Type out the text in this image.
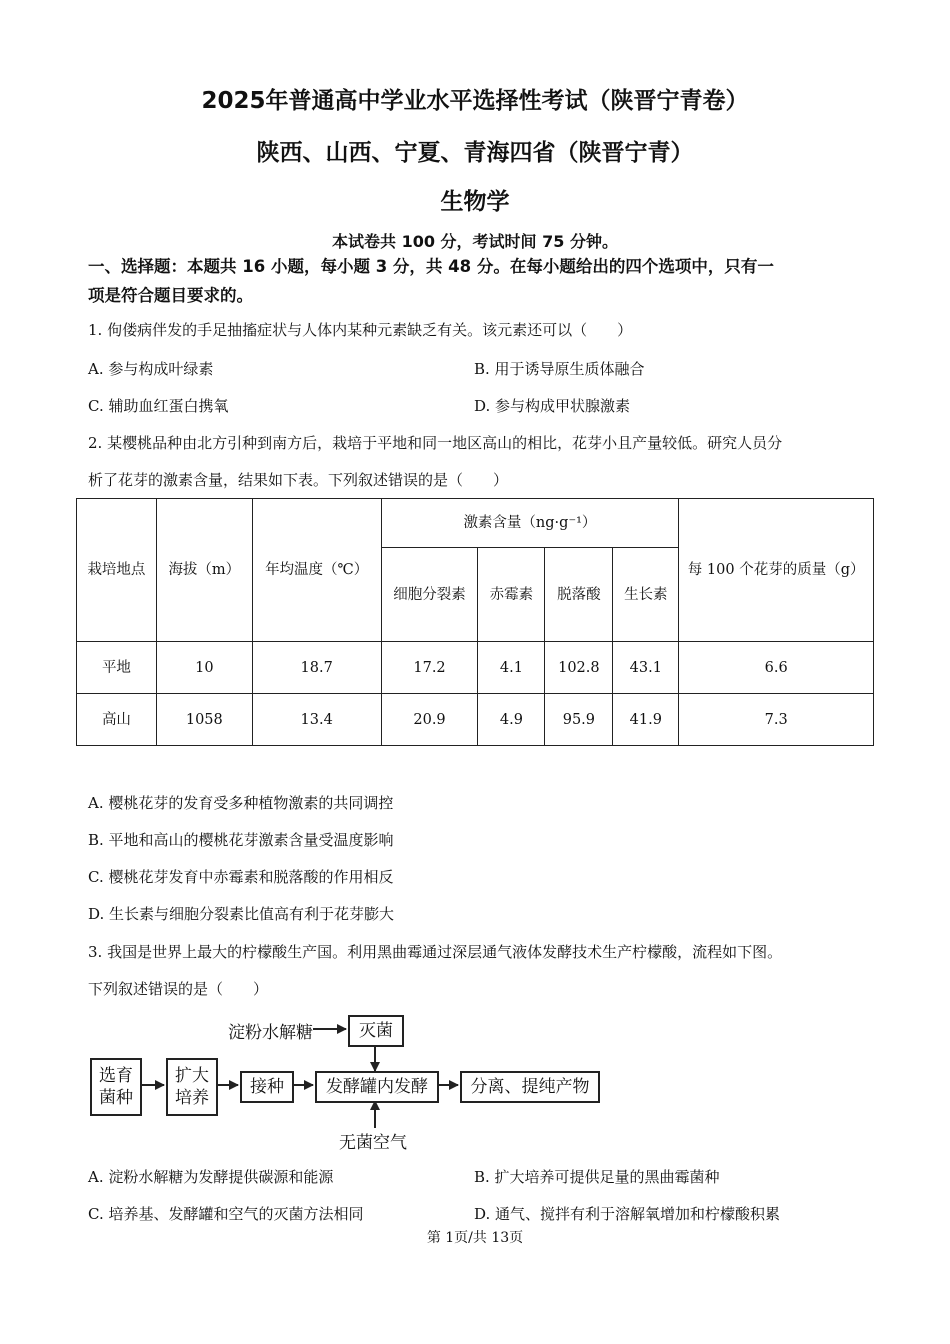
2025年普通高中学业水平选择性考试（陕晋宁青卷）
陕西、山西、宁夏、青海四省（陕晋宁青）
生物学
本试卷共 100 分，考试时间 75 分钟。
一、选择题：本题共 16 小题，每小题 3 分，共 48 分。在每小题给出的四个选项中，只有一
项是符合题目要求的。
1. 佝偻病伴发的手足抽搐症状与人体内某种元素缺乏有关。该元素还可以（　　）
A. 参与构成叶绿素	B. 用于诱导原生质体融合
C. 辅助血红蛋白携氧	D. 参与构成甲状腺激素
2. 某樱桃品种由北方引种到南方后，栽培于平地和同一地区高山的相比，花芽小且产量较低。研究人员分
析了花芽的激素含量，结果如下表。下列叙述错误的是（　　）
栽培地点	海拔（m）	年均温度（℃）	激素含量（ng·g⁻¹）				每 100 个花芽的质量（g）
			细胞分裂素	赤霉素	脱落酸	生长素	
平地	10	18.7	17.2	4.1	102.8	43.1	6.6
高山	1058	13.4	20.9	4.9	95.9	41.9	7.3
A. 樱桃花芽的发育受多种植物激素的共同调控
B. 平地和高山的樱桃花芽激素含量受温度影响
C. 樱桃花芽发育中赤霉素和脱落酸的作用相反
D. 生长素与细胞分裂素比值高有利于花芽膨大
3. 我国是世界上最大的柠檬酸生产国。利用黑曲霉通过深层通气液体发酵技术生产柠檬酸，流程如下图。
下列叙述错误的是（　　）
淀粉水解糖	灭菌
选育
菌种
扩大
培养
接种 发酵罐内发酵	分离、提纯产物
无菌空气
A. 淀粉水解糖为发酵提供碳源和能源	B. 扩大培养可提供足量的黑曲霉菌种
C. 培养基、发酵罐和空气的灭菌方法相同	D. 通气、搅拌有利于溶解氧增加和柠檬酸积累
第 1页/共 13页
